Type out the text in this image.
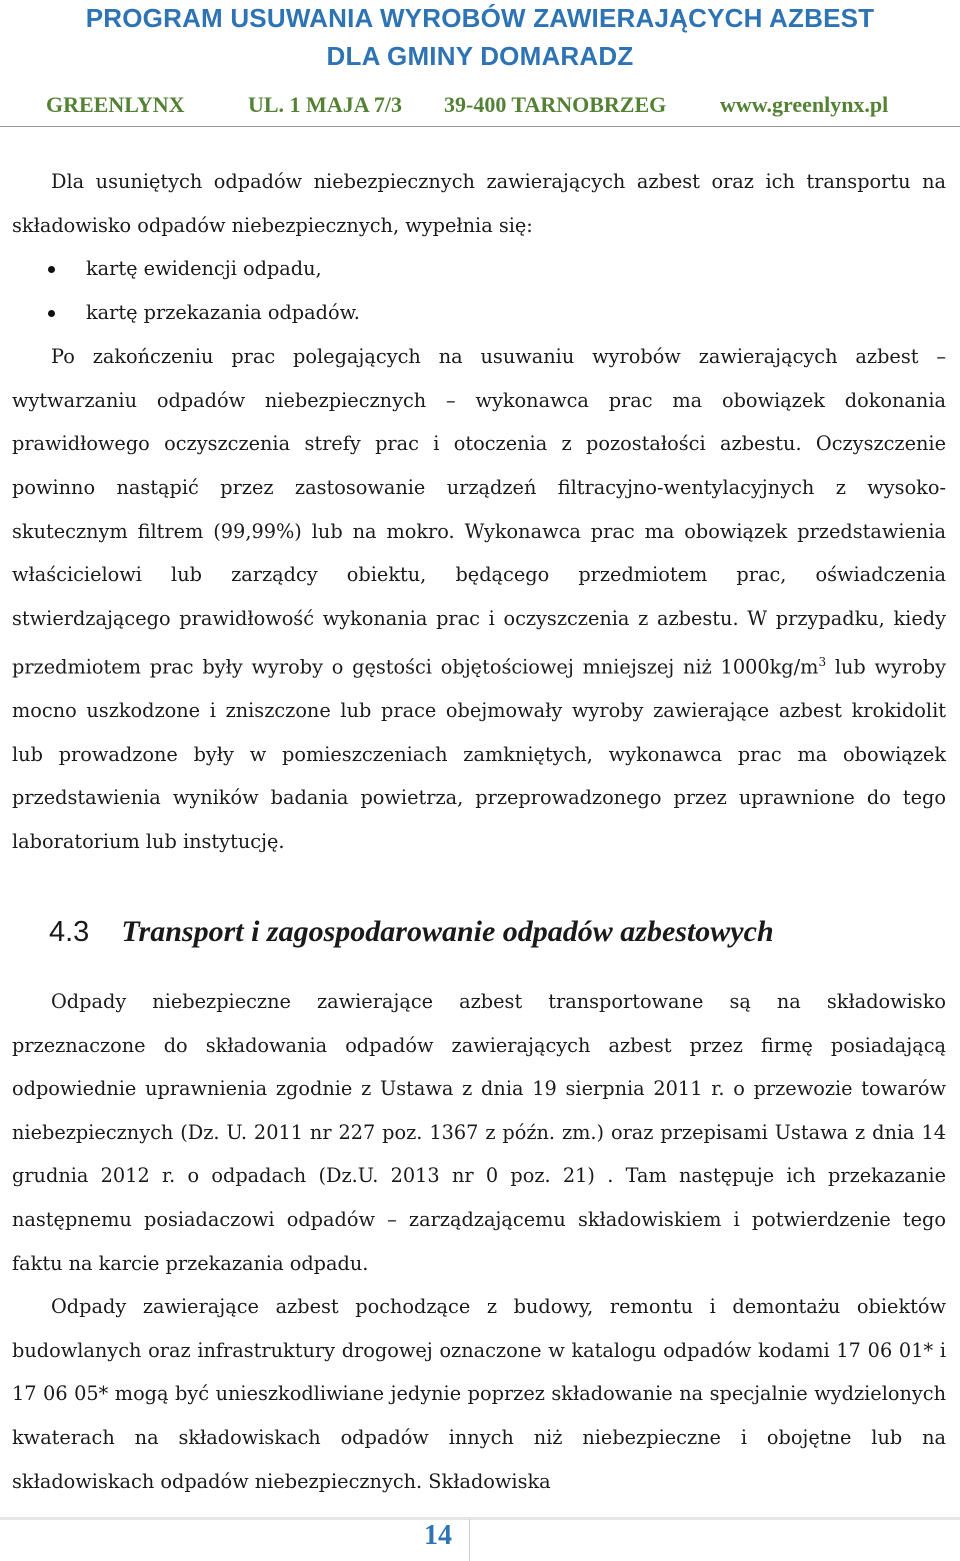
PROGRAM USUWANIA WYROBÓW ZAWIERAJĄCYCH AZBEST
DLA GMINY DOMARADZ
GREENLYNX	UL. 1 MAJA 7/3 39-400 TARNOBRZEG www.greenlynx.pl

Dla usuniętych odpadów niebezpiecznych zawierających azbest oraz ich transportu na składowisko odpadów niebezpiecznych, wypełnia się:

kartę ewidencji odpadu,
kartę przekazania odpadów.

Po zakończeniu prac polegających na usuwaniu wyrobów zawierających azbest – wytwarzaniu odpadów niebezpiecznych – wykonawca prac ma obowiązek dokonania prawidłowego oczyszczenia strefy prac i otoczenia z pozostałości azbestu. Oczyszczenie powinno nastąpić przez zastosowanie urządzeń filtracyjno-wentylacyjnych z wysoko-skutecznym filtrem (99,99%) lub na mokro. Wykonawca prac ma obowiązek przedstawienia właścicielowi lub zarządcy obiektu, będącego przedmiotem prac, oświadczenia stwierdzającego prawidłowość wykonania prac i oczyszczenia z azbestu. W przypadku, kiedy przedmiotem prac były wyroby o gęstości objętościowej mniejszej niż $1000kg/m^3$ lub wyroby mocno uszkodzone i zniszczone lub prace obejmowały wyroby zawierające azbest krokidolit lub prowadzone były w pomieszczeniach zamkniętych, wykonawca prac ma obowiązek przedstawienia wyników badania powietrza, przeprowadzonego przez uprawnione do tego laboratorium lub instytucję.

4.3 Transport i zagospodarowanie odpadów azbestowych

Odpady niebezpieczne zawierające azbest transportowane są na składowisko przeznaczone do składowania odpadów zawierających azbest przez firmę posiadającą odpowiednie uprawnienia zgodnie z Ustawa z dnia 19 sierpnia 2011 r. o przewozie towarów niebezpiecznych (Dz. U. 2011 nr 227 poz. 1367 z późn. zm.) oraz przepisami Ustawa z dnia 14 grudnia 2012 r. o odpadach (Dz.U. 2013 nr 0 poz. 21) . Tam następuje ich przekazanie następnemu posiadaczowi odpadów – zarządzającemu składowiskiem i potwierdzenie tego faktu na karcie przekazania odpadu.

Odpady zawierające azbest pochodzące z budowy, remontu i demontażu obiektów budowlanych oraz infrastruktury drogowej oznaczone w katalogu odpadów kodami 17 06 01* i 17 06 05* mogą być unieszkodliwiane jedynie poprzez składowanie na specjalnie wydzielonych kwaterach na składowiskach odpadów innych niż niebezpieczne i obojętne lub na składowiskach odpadów niebezpiecznych. Składowiska

14
